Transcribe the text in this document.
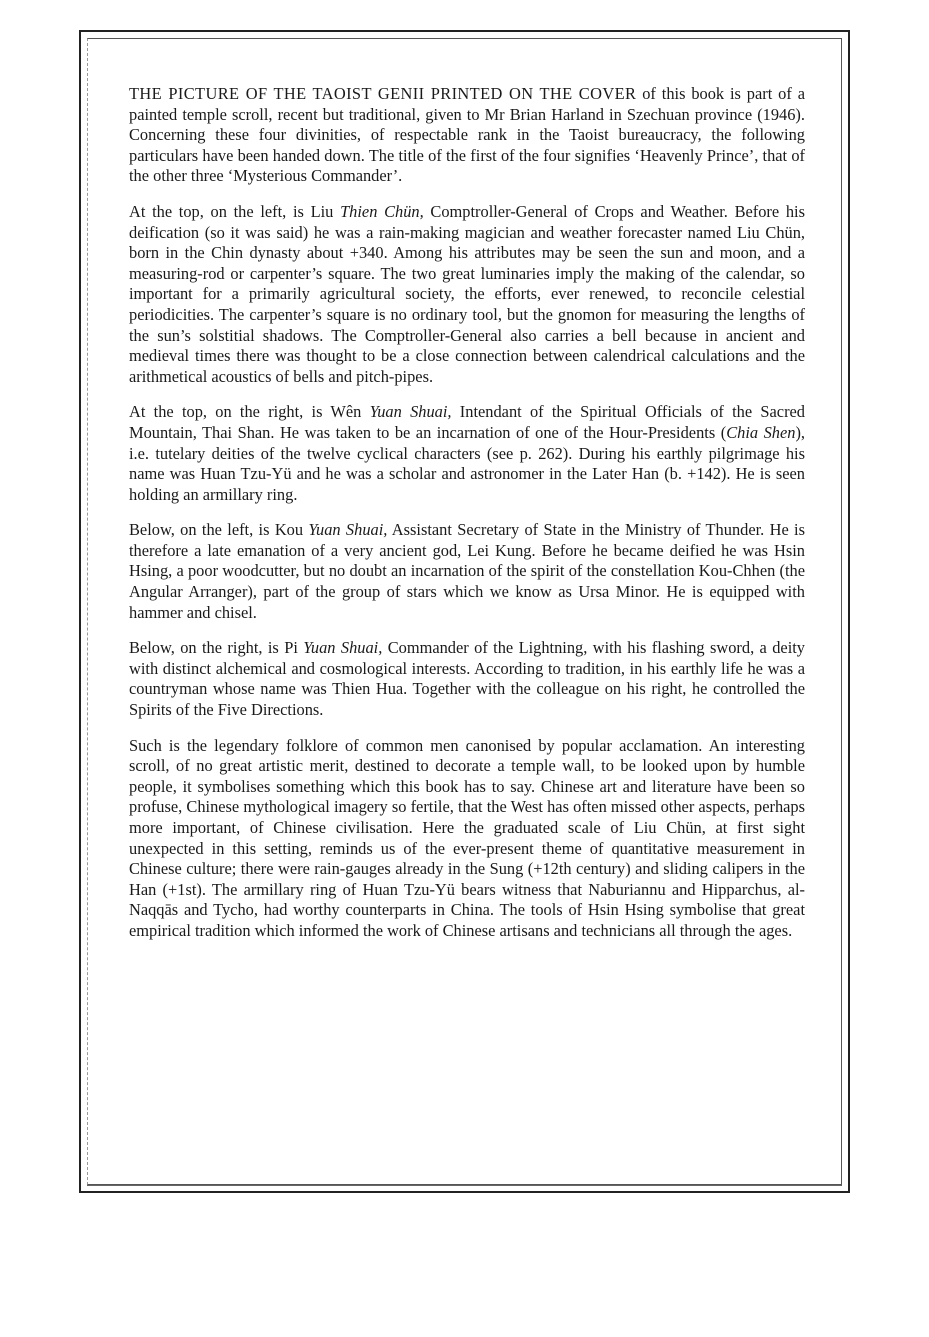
THE PICTURE OF THE TAOIST GENII PRINTED ON THE COVER of this book is part of a painted temple scroll, recent but traditional, given to Mr Brian Harland in Szechuan province (1946). Concerning these four divinities, of respectable rank in the Taoist bureaucracy, the following particulars have been handed down. The title of the first of the four signifies ‘Heavenly Prince’, that of the other three ‘Mysterious Commander’.

At the top, on the left, is Liu Thien Chün, Comptroller-General of Crops and Weather. Before his deification (so it was said) he was a rain-making magician and weather forecaster named Liu Chün, born in the Chin dynasty about +340. Among his attributes may be seen the sun and moon, and a measuring-rod or carpenter’s square. The two great luminaries imply the making of the calendar, so important for a primarily agricultural society, the efforts, ever renewed, to reconcile celestial periodicities. The carpenter’s square is no ordinary tool, but the gnomon for measuring the lengths of the sun’s solstitial shadows. The Comptroller-General also carries a bell because in ancient and medieval times there was thought to be a close connection between calendrical calculations and the arithmetical acoustics of bells and pitch-pipes.

At the top, on the right, is Wên Yuan Shuai, Intendant of the Spiritual Officials of the Sacred Mountain, Thai Shan. He was taken to be an incarnation of one of the Hour-Presidents (Chia Shen), i.e. tutelary deities of the twelve cyclical characters (see p. 262). During his earthly pilgrimage his name was Huan Tzu-Yü and he was a scholar and astronomer in the Later Han (b. +142). He is seen holding an armillary ring.

Below, on the left, is Kou Yuan Shuai, Assistant Secretary of State in the Ministry of Thunder. He is therefore a late emanation of a very ancient god, Lei Kung. Before he became deified he was Hsin Hsing, a poor woodcutter, but no doubt an incarnation of the spirit of the constellation Kou-Chhen (the Angular Arranger), part of the group of stars which we know as Ursa Minor. He is equipped with hammer and chisel.

Below, on the right, is Pi Yuan Shuai, Commander of the Lightning, with his flashing sword, a deity with distinct alchemical and cosmological interests. According to tradition, in his earthly life he was a countryman whose name was Thien Hua. Together with the colleague on his right, he controlled the Spirits of the Five Directions.

Such is the legendary folklore of common men canonised by popular acclamation. An interesting scroll, of no great artistic merit, destined to decorate a temple wall, to be looked upon by humble people, it symbolises something which this book has to say. Chinese art and literature have been so profuse, Chinese mythological imagery so fertile, that the West has often missed other aspects, perhaps more important, of Chinese civilisation. Here the graduated scale of Liu Chün, at first sight unexpected in this setting, reminds us of the ever-present theme of quantitative measurement in Chinese culture; there were rain-gauges already in the Sung (+12th century) and sliding calipers in the Han (+1st). The armillary ring of Huan Tzu-Yü bears witness that Naburiannu and Hipparchus, al-Naqqās and Tycho, had worthy counterparts in China. The tools of Hsin Hsing symbolise that great empirical tradition which informed the work of Chinese artisans and technicians all through the ages.
